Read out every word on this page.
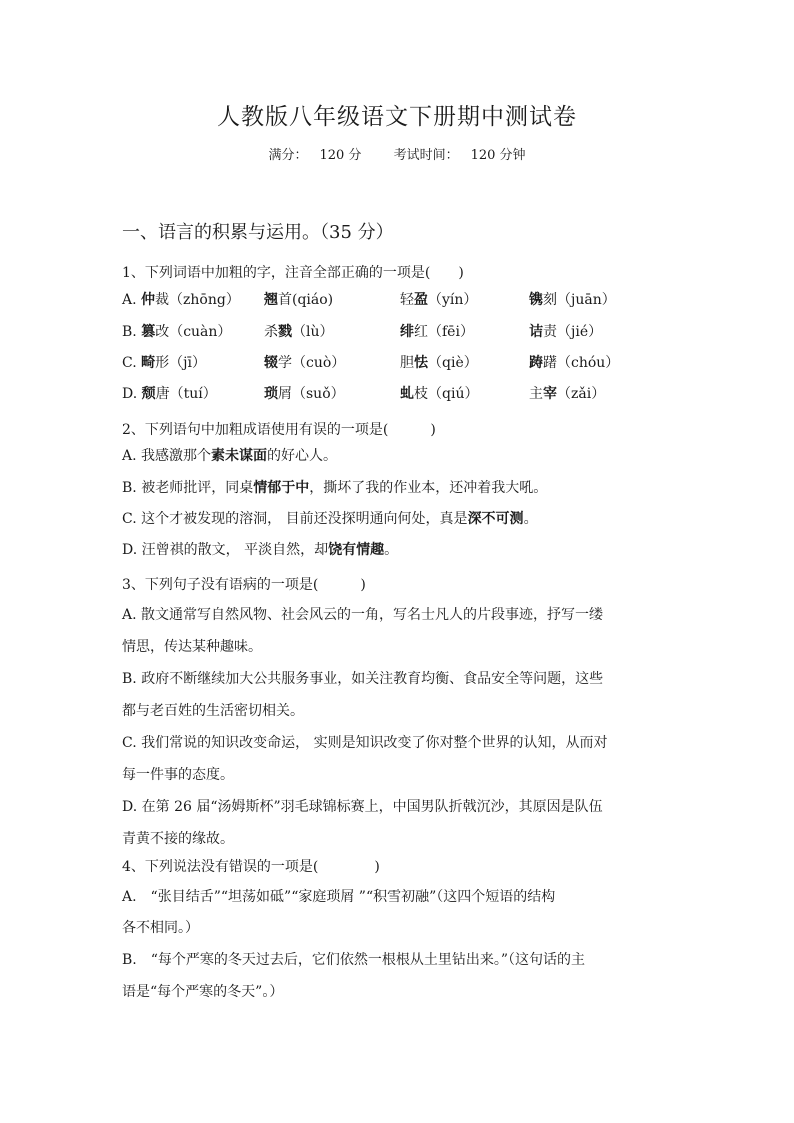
人教版八年级语文下册期中测试卷
满分： 120 分 考试时间： 120 分钟
一、语言的积累与运用。（35 分）
1、下列词语中加粗的字，注音全部正确的一项是(　　)
A. 仲裁（zhōng） 翘首(qiáo)	轻盈（yín）	镌刻（juān）
B. 篡改（cuàn） 杀戮（lù）	绯红（fēi）	诘责（jié）
C. 畸形（jī）	辍学（cuò）	胆怯（qiè）	踌躇（chóu）
D. 颓唐（tuí）	琐屑（suǒ）	虬枝（qiú）	主宰（zǎi）
2、下列语句中加粗成语使用有误的一项是(　　　)
A. 我感激那个素未谋面的好心人。
B. 被老师批评，同桌情郁于中，撕坏了我的作业本，还冲着我大吼。
C. 这个才被发现的溶洞， 目前还没探明通向何处，真是深不可测。
D. 汪曾祺的散文， 平淡自然，却饶有情趣。
3、下列句子没有语病的一项是(　　　)
A. 散文通常写自然风物、社会风云的一角，写名士凡人的片段事迹，抒写一缕
情思，传达某种趣味。
B. 政府不断继续加大公共服务事业，如关注教育均衡、食品安全等问题，这些
都与老百姓的生活密切相关。
C. 我们常说的知识改变命运， 实则是知识改变了你对整个世界的认知，从而对
每一件事的态度。
D. 在第 26 届“汤姆斯杯”羽毛球锦标赛上，中国男队折戟沉沙，其原因是队伍
青黄不接的缘故。
4、下列说法没有错误的一项是(　　　　)
A.　“张目结舌”“坦荡如砥”“家庭琐屑 ”“积雪初融”（这四个短语的结构
各不相同。）
B.　“每个严寒的冬天过去后，它们依然一根根从土里钻出来。”（这句话的主
语是“每个严寒的冬天”。）
